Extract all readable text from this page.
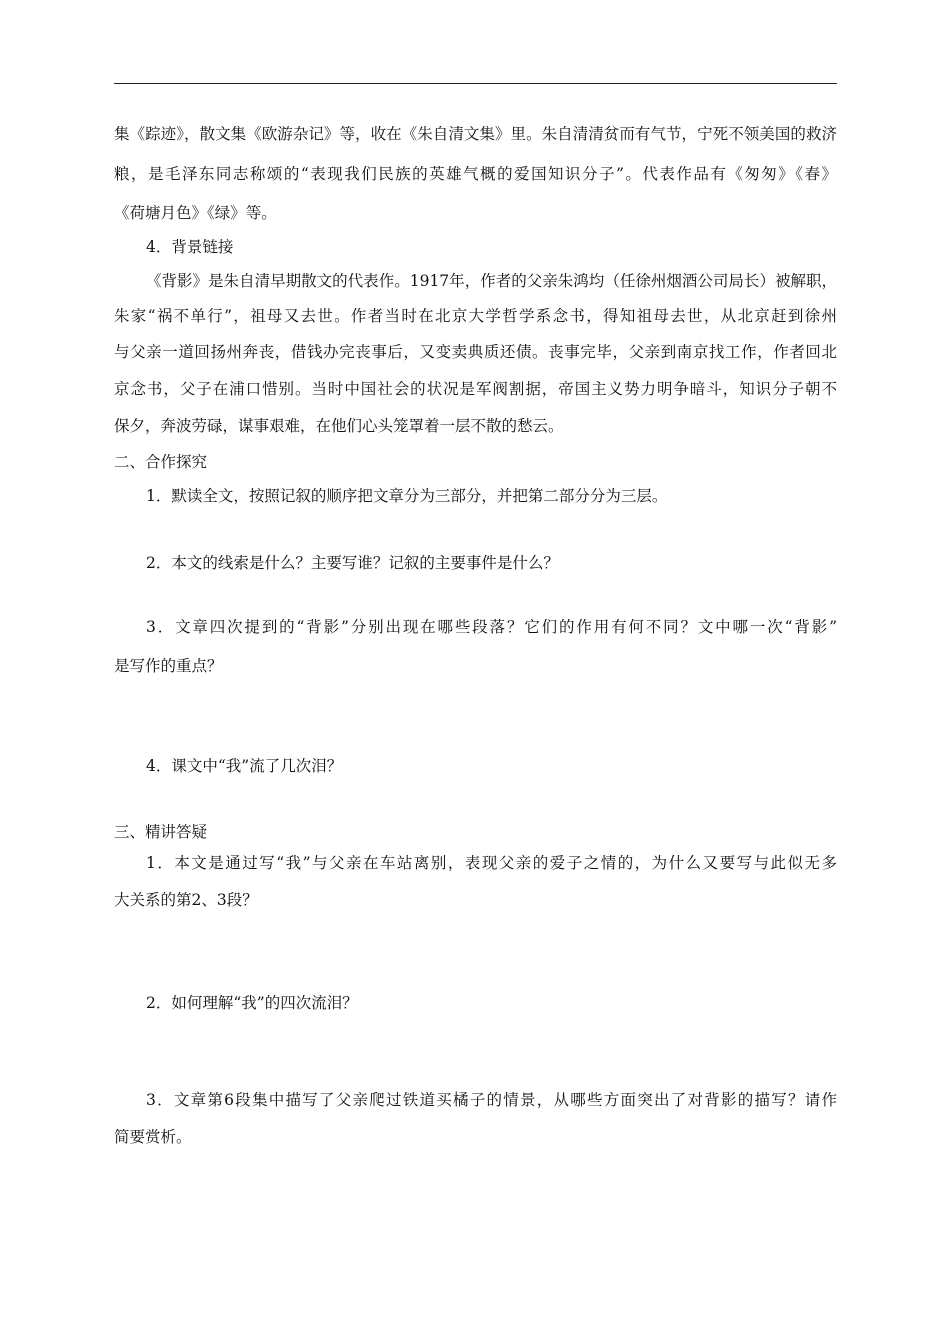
集《踪迹》，散文集《欧游杂记》等，收在《朱自清文集》里。朱自清清贫而有气节，宁死不领美国的救济
粮，是毛泽东同志称颂的“表现我们民族的英雄气概的爱国知识分子”。代表作品有《匆匆》《春》
《荷塘月色》《绿》等。
4．背景链接
《背影》是朱自清早期散文的代表作。1917年，作者的父亲朱鸿均（任徐州烟酒公司局长）被解职，
朱家“祸不单行”，祖母又去世。作者当时在北京大学哲学系念书，得知祖母去世，从北京赶到徐州
与父亲一道回扬州奔丧，借钱办完丧事后，又变卖典质还债。丧事完毕，父亲到南京找工作，作者回北
京念书，父子在浦口惜别。当时中国社会的状况是军阀割据，帝国主义势力明争暗斗，知识分子朝不
保夕，奔波劳碌，谋事艰难，在他们心头笼罩着一层不散的愁云。
二、合作探究
1．默读全文，按照记叙的顺序把文章分为三部分，并把第二部分分为三层。
2．本文的线索是什么？主要写谁？记叙的主要事件是什么？
3．文章四次提到的“背影”分别出现在哪些段落？它们的作用有何不同？文中哪一次“背影”
是写作的重点？
4．课文中“我”流了几次泪？
三、精讲答疑
1．本文是通过写“我”与父亲在车站离别，表现父亲的爱子之情的，为什么又要写与此似无多
大关系的第2、3段？
2．如何理解“我”的四次流泪？
3．文章第6段集中描写了父亲爬过铁道买橘子的情景，从哪些方面突出了对背影的描写？请作
简要赏析。
